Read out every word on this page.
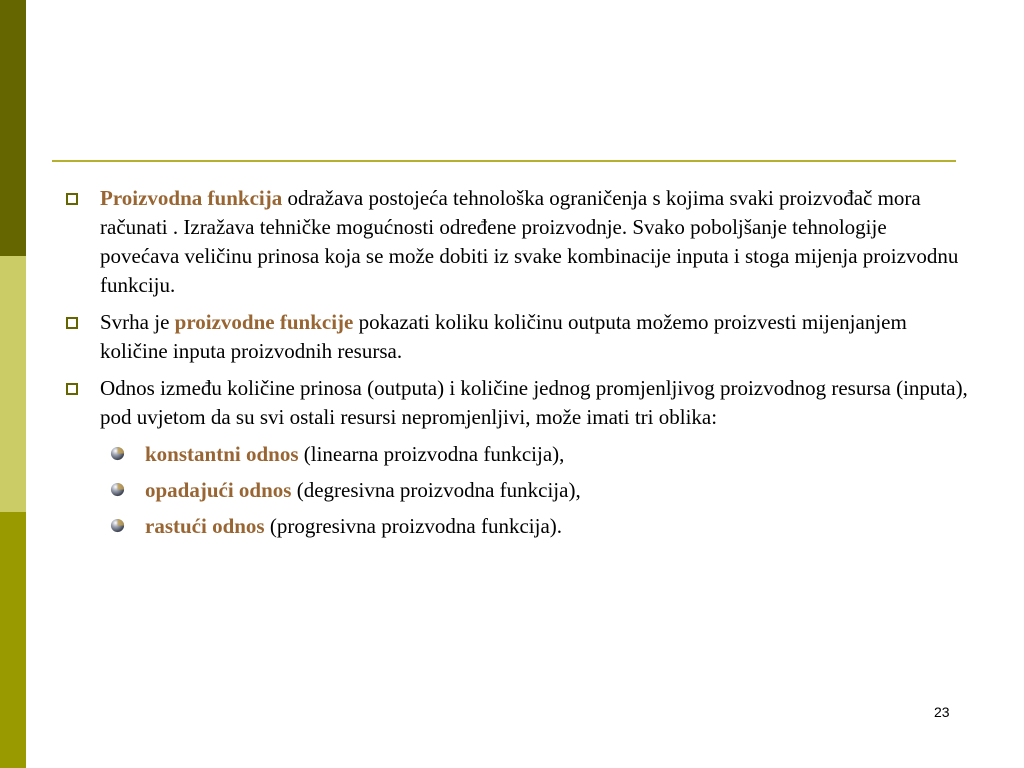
Proizvodna funkcija odražava postojeća tehnološka ograničenja s kojima svaki proizvođač mora računati . Izražava tehničke mogućnosti određene proizvodnje. Svako poboljšanje tehnologije povećava veličinu prinosa koja se može dobiti iz svake kombinacije inputa i stoga mijenja proizvodnu funkciju.
Svrha je proizvodne funkcije pokazati koliku količinu outputa možemo proizvesti mijenjanjem količine inputa proizvodnih resursa.
Odnos između količine prinosa (outputa) i količine jednog promjenljivog proizvodnog resursa (inputa), pod uvjetom da su svi ostali resursi nepromjenljivi, može imati tri oblika:
konstantni odnos (linearna proizvodna funkcija),
opadajući odnos (degresivna proizvodna funkcija),
rastući odnos (progresivna proizvodna funkcija).
23
